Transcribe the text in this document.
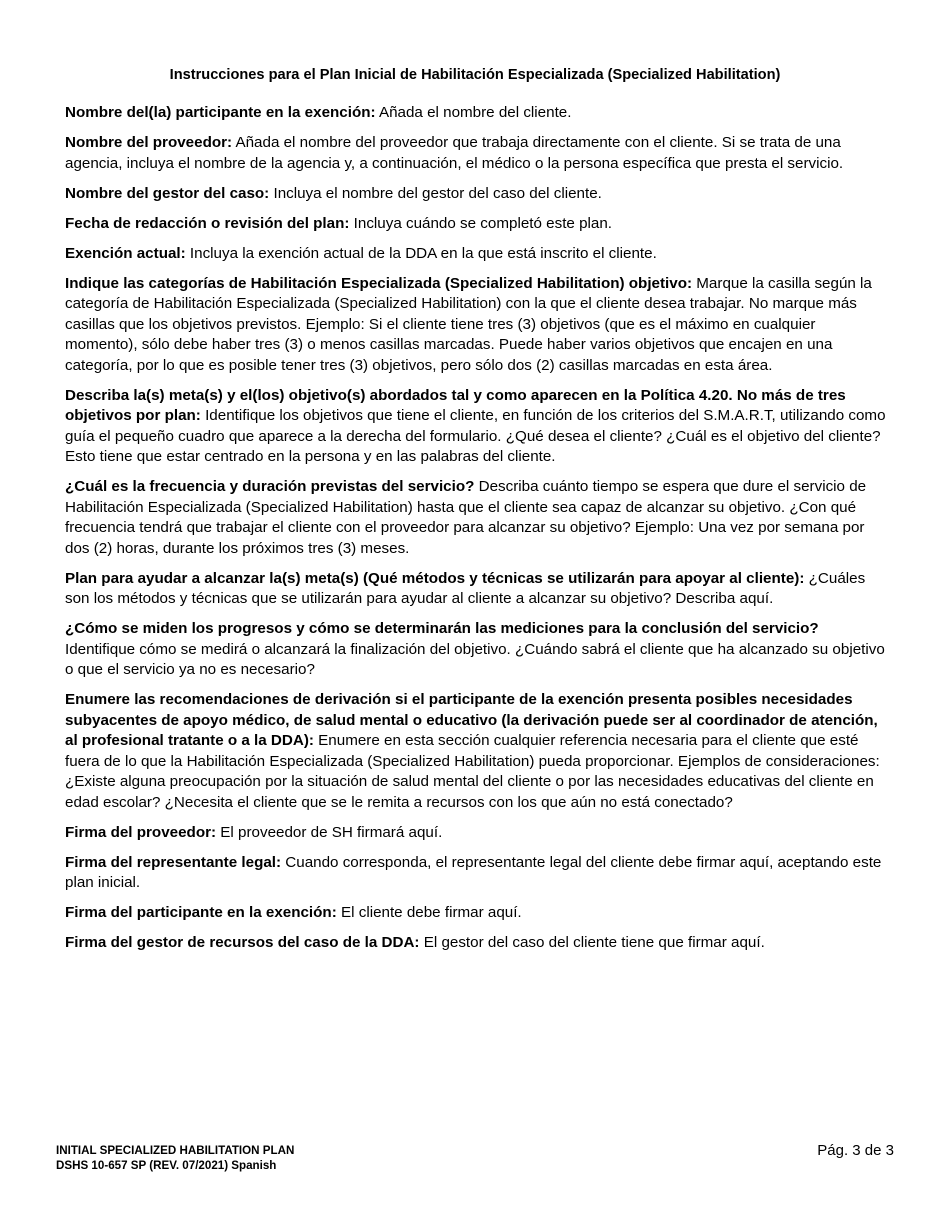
Instrucciones para el Plan Inicial de Habilitación Especializada (Specialized Habilitation)

Nombre del(la) participante en la exención: Añada el nombre del cliente.

Nombre del proveedor: Añada el nombre del proveedor que trabaja directamente con el cliente. Si se trata de una agencia, incluya el nombre de la agencia y, a continuación, el médico o la persona específica que presta el servicio.

Nombre del gestor del caso: Incluya el nombre del gestor del caso del cliente.

Fecha de redacción o revisión del plan: Incluya cuándo se completó este plan.

Exención actual: Incluya la exención actual de la DDA en la que está inscrito el cliente.

Indique las categorías de Habilitación Especializada (Specialized Habilitation) objetivo: Marque la casilla según la categoría de Habilitación Especializada (Specialized Habilitation) con la que el cliente desea trabajar. No marque más casillas que los objetivos previstos. Ejemplo: Si el cliente tiene tres (3) objetivos (que es el máximo en cualquier momento), sólo debe haber tres (3) o menos casillas marcadas. Puede haber varios objetivos que encajen en una categoría, por lo que es posible tener tres (3) objetivos, pero sólo dos (2) casillas marcadas en esta área.

Describa la(s) meta(s) y el(los) objetivo(s) abordados tal y como aparecen en la Política 4.20. No más de tres objetivos por plan: Identifique los objetivos que tiene el cliente, en función de los criterios del S.M.A.R.T, utilizando como guía el pequeño cuadro que aparece a la derecha del formulario. ¿Qué desea el cliente? ¿Cuál es el objetivo del cliente? Esto tiene que estar centrado en la persona y en las palabras del cliente.

¿Cuál es la frecuencia y duración previstas del servicio? Describa cuánto tiempo se espera que dure el servicio de Habilitación Especializada (Specialized Habilitation) hasta que el cliente sea capaz de alcanzar su objetivo. ¿Con qué frecuencia tendrá que trabajar el cliente con el proveedor para alcanzar su objetivo? Ejemplo: Una vez por semana por dos (2) horas, durante los próximos tres (3) meses.

Plan para ayudar a alcanzar la(s) meta(s) (Qué métodos y técnicas se utilizarán para apoyar al cliente): ¿Cuáles son los métodos y técnicas que se utilizarán para ayudar al cliente a alcanzar su objetivo? Describa aquí.

¿Cómo se miden los progresos y cómo se determinarán las mediciones para la conclusión del servicio? Identifique cómo se medirá o alcanzará la finalización del objetivo. ¿Cuándo sabrá el cliente que ha alcanzado su objetivo o que el servicio ya no es necesario?

Enumere las recomendaciones de derivación si el participante de la exención presenta posibles necesidades subyacentes de apoyo médico, de salud mental o educativo (la derivación puede ser al coordinador de atención, al profesional tratante o a la DDA): Enumere en esta sección cualquier referencia necesaria para el cliente que esté fuera de lo que la Habilitación Especializada (Specialized Habilitation) pueda proporcionar. Ejemplos de consideraciones: ¿Existe alguna preocupación por la situación de salud mental del cliente o por las necesidades educativas del cliente en edad escolar? ¿Necesita el cliente que se le remita a recursos con los que aún no está conectado?

Firma del proveedor: El proveedor de SH firmará aquí.

Firma del representante legal: Cuando corresponda, el representante legal del cliente debe firmar aquí, aceptando este plan inicial.

Firma del participante en la exención: El cliente debe firmar aquí.

Firma del gestor de recursos del caso de la DDA: El gestor del caso del cliente tiene que firmar aquí.

INITIAL SPECIALIZED HABILITATION PLAN
DSHS 10-657 SP (REV. 07/2021) Spanish
Pág. 3 de 3
